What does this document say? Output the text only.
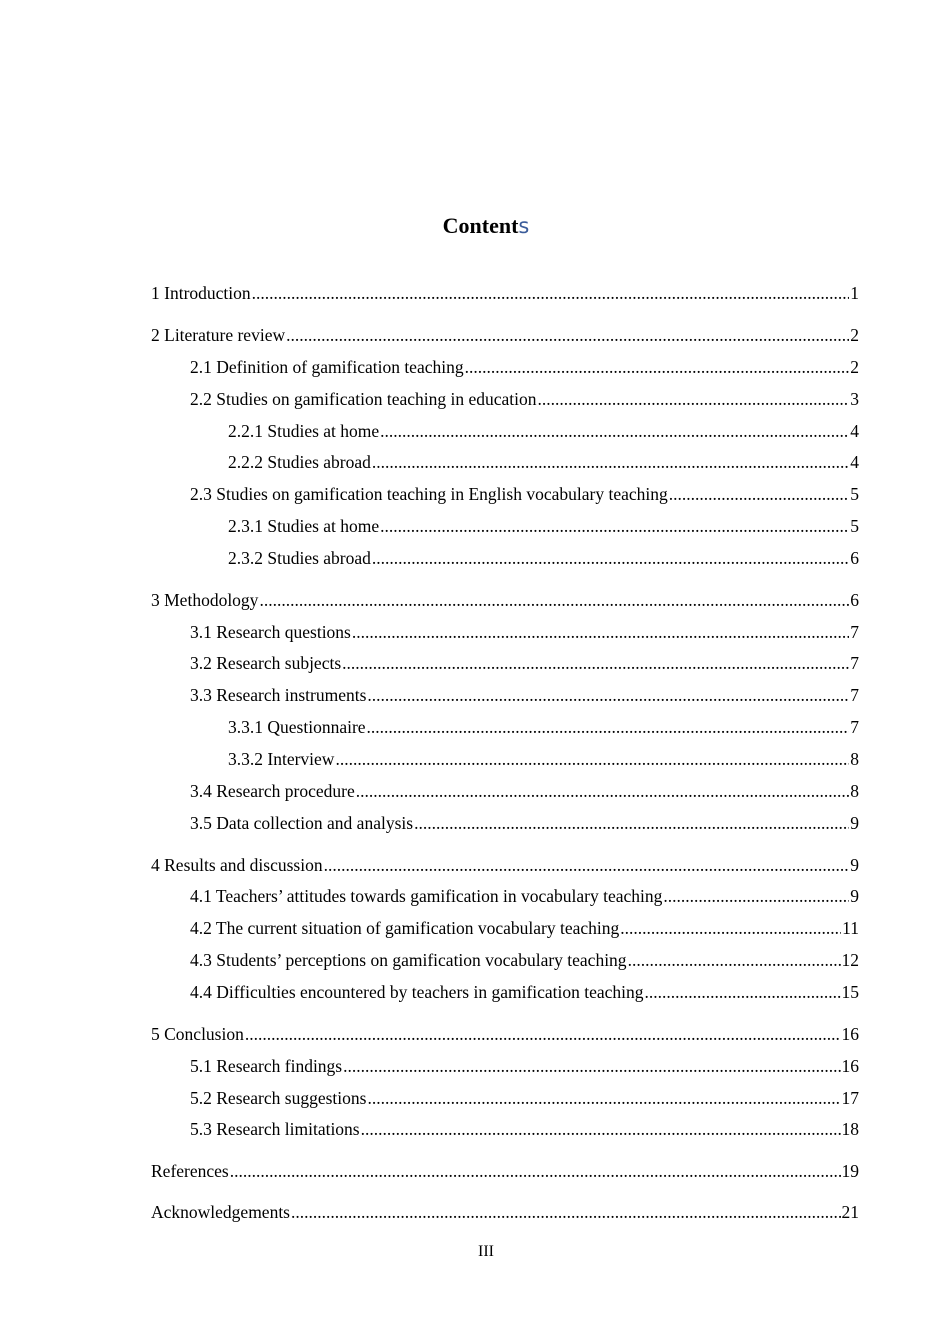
Contents
1 Introduction .....	1
2 Literature review .....	2
2.1 Definition of gamification teaching .....	2
2.2 Studies on gamification teaching in education .....	3
2.2.1 Studies at home .....	4
2.2.2 Studies abroad .....	4
2.3 Studies on gamification teaching in English vocabulary teaching .....	5
2.3.1 Studies at home .....	5
2.3.2 Studies abroad .....	6
3 Methodology .....	6
3.1 Research questions .....	7
3.2 Research subjects .....	7
3.3 Research instruments .....	7
3.3.1 Questionnaire .....	7
3.3.2 Interview .....	8
3.4 Research procedure .....	8
3.5 Data collection and analysis .....	9
4 Results and discussion .....	9
4.1 Teachers’ attitudes towards gamification in vocabulary teaching .....	9
4.2 The current situation of gamification vocabulary teaching .....	11
4.3 Students’ perceptions on gamification vocabulary teaching .....	12
4.4 Difficulties encountered by teachers in gamification teaching .....	15
5 Conclusion .....	16
5.1 Research findings .....	16
5.2 Research suggestions .....	17
5.3 Research limitations .....	18
References .....	19
Acknowledgements .....	21
III
